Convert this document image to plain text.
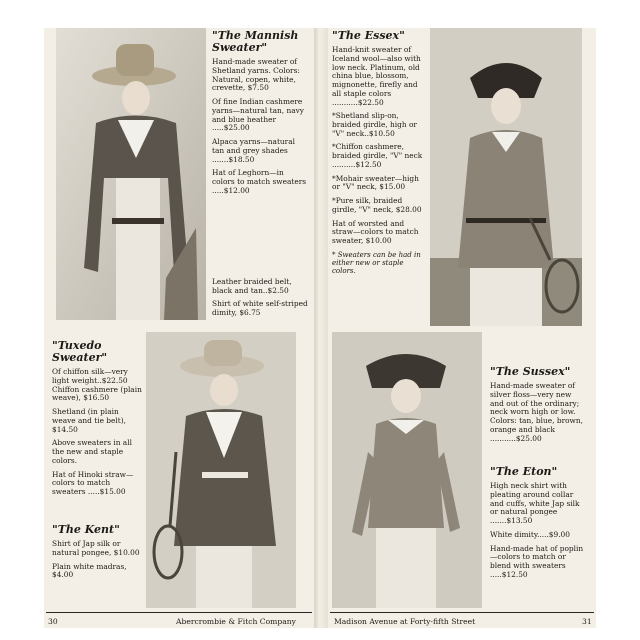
"The Mannish Sweater"
Hand-made sweater of Shetland yarns. Colors: Natural, copen, white, crevette, $7.50
Of fine Indian cashmere yarns—natural tan, navy and blue heather .....$25.00
Alpaca yarns—natural tan and grey shades .......$18.50
Hat of Leghorn—in colors to match sweaters .....$12.00
Leather braided belt, black and tan..$2.50
Shirt of white self-striped dimity, $6.75
"The Essex"
Hand-knit sweater of Iceland wool—also with low neck. Platinum, old china blue, blossom, mignonette, firefly and all staple colors ...........$22.50
*Shetland slip-on, braided girdle, high or "V" neck..$10.50
*Chiffon cashmere, braided girdle, "V" neck ..........$12.50
*Mohair sweater—high or "V" neck, $15.00
*Pure silk, braided girdle, "V" neck, $28.00
Hat of worsted and straw—colors to match sweater, $10.00
* Sweaters can be had in either new or staple colors.
"Tuxedo Sweater"
Of chiffon silk—very light weight..$22.50 Chiffon cashmere (plain weave), $16.50
Shetland (in plain weave and tie belt), $14.50
Above sweaters in all the new and staple colors.
Hat of Hinoki straw—colors to match sweaters .....$15.00
"The Kent"
Shirt of Jap silk or natural pongee, $10.00
Plain white madras, $4.00
"The Sussex"
Hand-made sweater of silver floss—very new and out of the ordinary; neck worn high or low. Colors: tan, blue, brown, orange and black ...........$25.00
"The Eton"
High neck shirt with pleating around collar and cuffs, white Jap silk or natural pongee .......$13.50
White dimity.....$9.00
Hand-made hat of poplin—colors to match or blend with sweaters .....$12.50
30	Abercrombie & Fitch Company	Madison Avenue at Forty-fifth Street	31
